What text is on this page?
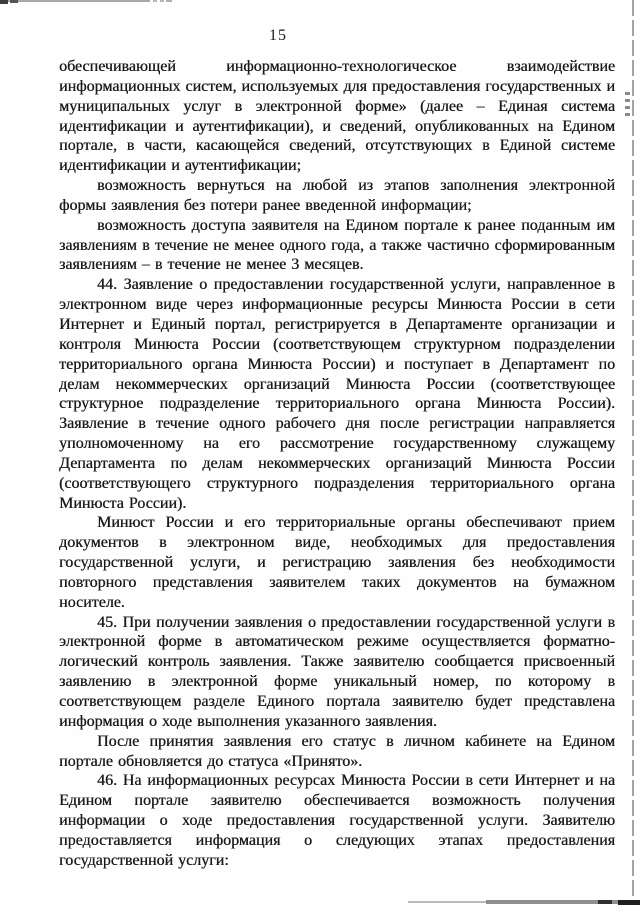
15

обеспечивающей информационно-технологическое взаимодействие информационных систем, используемых для предоставления государственных и муниципальных услуг в электронной форме» (далее – Единая система идентификации и аутентификации), и сведений, опубликованных на Едином портале, в части, касающейся сведений, отсутствующих в Единой системе идентификации и аутентификации;

возможность вернуться на любой из этапов заполнения электронной формы заявления без потери ранее введенной информации;

возможность доступа заявителя на Едином портале к ранее поданным им заявлениям в течение не менее одного года, а также частично сформированным заявлениям – в течение не менее 3 месяцев.

44. Заявление о предоставлении государственной услуги, направленное в электронном виде через информационные ресурсы Минюста России в сети Интернет и Единый портал, регистрируется в Департаменте организации и контроля Минюста России (соответствующем структурном подразделении территориального органа Минюста России) и поступает в Департамент по делам некоммерческих организаций Минюста России (соответствующее структурное подразделение территориального органа Минюста России). Заявление в течение одного рабочего дня после регистрации направляется уполномоченному на его рассмотрение государственному служащему Департамента по делам некоммерческих организаций Минюста России (соответствующего структурного подразделения территориального органа Минюста России).

Минюст России и его территориальные органы обеспечивают прием документов в электронном виде, необходимых для предоставления государственной услуги, и регистрацию заявления без необходимости повторного представления заявителем таких документов на бумажном носителе.

45. При получении заявления о предоставлении государственной услуги в электронной форме в автоматическом режиме осуществляется форматно-логический контроль заявления. Также заявителю сообщается присвоенный заявлению в электронной форме уникальный номер, по которому в соответствующем разделе Единого портала заявителю будет представлена информация о ходе выполнения указанного заявления.

После принятия заявления его статус в личном кабинете на Едином портале обновляется до статуса «Принято».

46. На информационных ресурсах Минюста России в сети Интернет и на Едином портале заявителю обеспечивается возможность получения информации о ходе предоставления государственной услуги. Заявителю предоставляется информация о следующих этапах предоставления государственной услуги:
